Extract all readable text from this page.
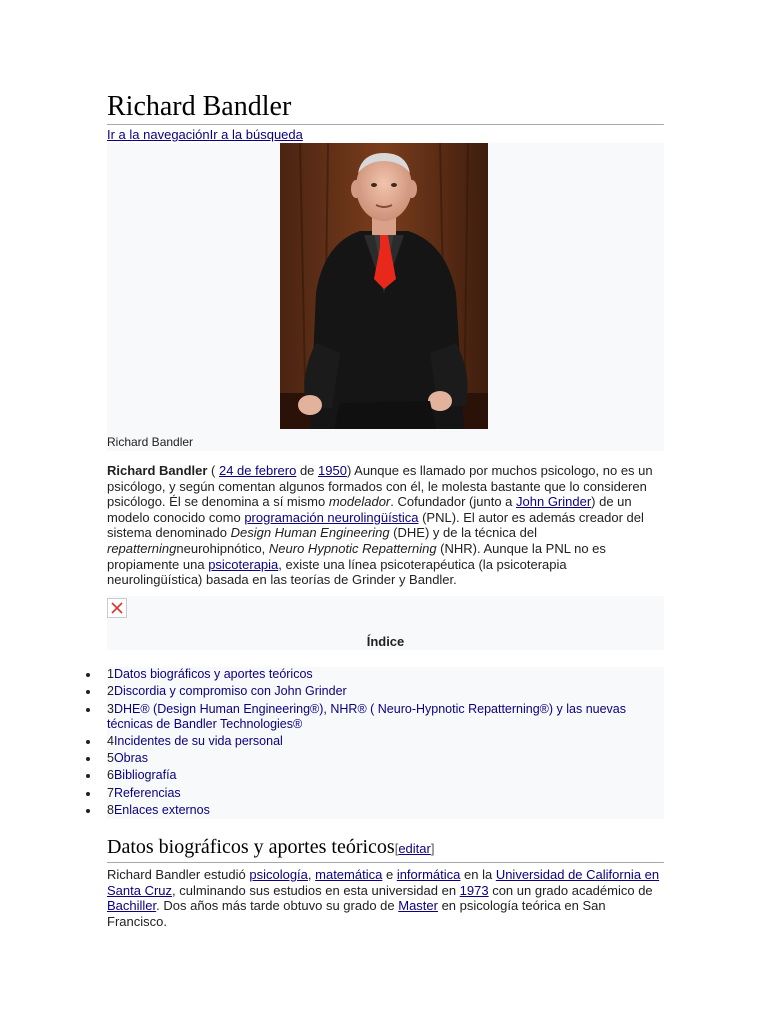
Richard Bandler
Ir a la navegaciónIr a la búsqueda
Richard Bandler

Richard Bandler ( 24 de febrero de 1950) Aunque es llamado por muchos psicologo, no es un psicólogo, y según comentan algunos formados con él, le molesta bastante que lo consideren psicólogo. Él se denomina a sí mismo modelador. Cofundador (junto a John Grinder) de un modelo conocido como programación neurolingüística (PNL). El autor es además creador del sistema denominado Design Human Engineering (DHE) y de la técnica del repatterningneurohipnótico, Neuro Hypnotic Repatterning (NHR). Aunque la PNL no es propiamente una psicoterapia, existe una línea psicoterapéutica (la psicoterapia neurolingüística) basada en las teorías de Grinder y Bandler.

Índice
1Datos biográficos y aportes teóricos
2Discordia y compromiso con John Grinder
3DHE® (Design Human Engineering®), NHR® ( Neuro-Hypnotic Repatterning®) y las nuevas técnicas de Bandler Technologies®
4Incidentes de su vida personal
5Obras
6Bibliografía
7Referencias
8Enlaces externos
Datos biográficos y aportes teóricos[editar]

Richard Bandler estudió psicología, matemática e informática en la Universidad de California en Santa Cruz, culminando sus estudios en esta universidad en 1973 con un grado académico de Bachiller. Dos años más tarde obtuvo su grado de Master en psicología teórica en San Francisco.
